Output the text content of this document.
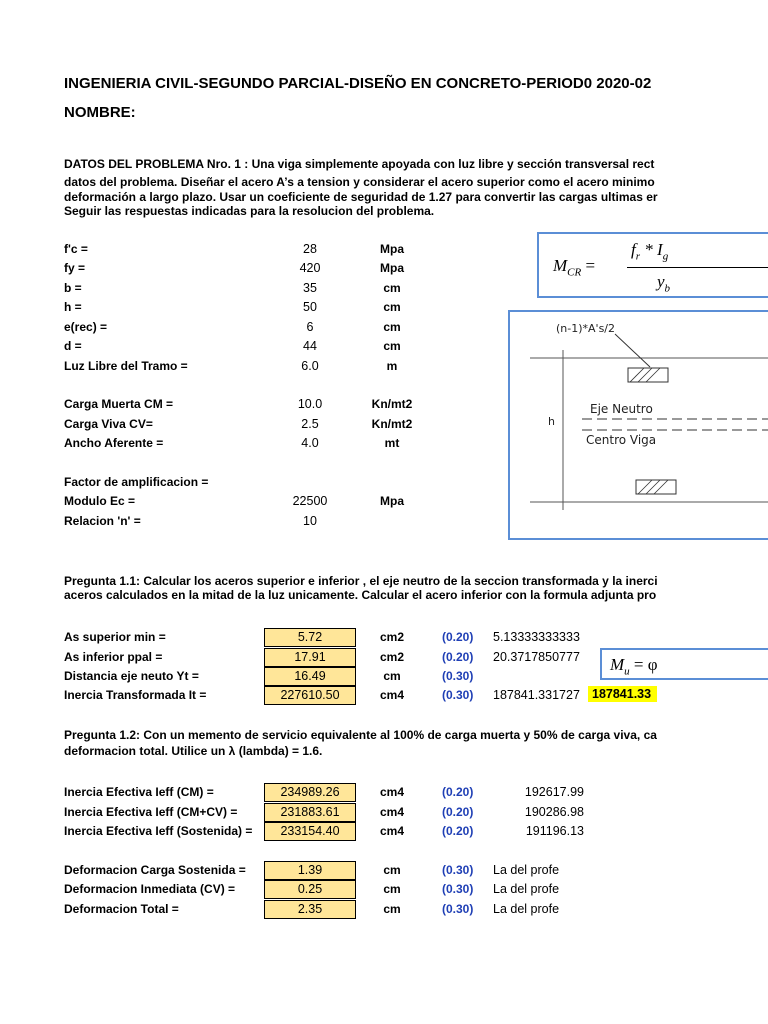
INGENIERIA CIVIL-SEGUNDO PARCIAL-DISEÑO EN CONCRETO-PERIOD0 2020-02
NOMBRE:
DATOS DEL PROBLEMA Nro. 1 : Una viga simplemente apoyada con luz libre y sección transversal rect
datos del problema. Diseñar el acero A’s a tension y considerar el acero superior como el acero minimo
deformación a largo plazo. Usar un coeficiente de seguridad de 1.27 para convertir las cargas ultimas er
Seguir las respuestas indicadas para la resolucion del problema.
f'c =	28	Mpa
fy =	420	Mpa
b =	35	cm
h =	50	cm
e(rec) =	6	cm
d =	44	cm
Luz Libre del Tramo =	6.0	m
Carga Muerta CM =	10.0	Kn/mt2
Carga Viva CV=	2.5	Kn/mt2
Ancho Aferente =	4.0	mt
Factor de amplificacion =
Modulo Ec =	22500	Mpa
Relacion 'n' =	10
$M_{CR}$ =
$f_r * I_g$
$y_b$
(n-1)*A's/2
h
Eje Neutro
Centro Viga
Pregunta 1.1: Calcular los aceros superior e inferior , el eje neutro de la seccion transformada y la inerci
aceros calculados en la mitad de la luz unicamente. Calcular el acero inferior con la formula adjunta pro
As superior min =	5.72	cm2	(0.20) 5.13333333333
As inferior ppal =	17.91	cm2	(0.20) 20.3717850777
Distancia eje neuto Yt =	16.49	cm	(0.30)
Inercia Transformada It =	227610.50	cm4	(0.30) 187841.331727 187841.33
$M_u = \varphi$
Pregunta 1.2: Con un memento de servicio equivalente al 100% de carga muerta y 50% de carga viva, ca
deformacion total. Utilice un λ (lambda) = 1.6.
Inercia Efectiva Ieff (CM) =	234989.26	cm4	(0.20)	192617.99
Inercia Efectiva Ieff (CM+CV) =	231883.61	cm4	(0.20)	190286.98
Inercia Efectiva Ieff (Sostenida) =	233154.40	cm4	(0.20)	191196.13
Deformacion Carga Sostenida =	1.39	cm	(0.30) La del profe
Deformacion Inmediata (CV) =	0.25	cm	(0.30) La del profe
Deformacion Total =	2.35	cm	(0.30) La del profe
